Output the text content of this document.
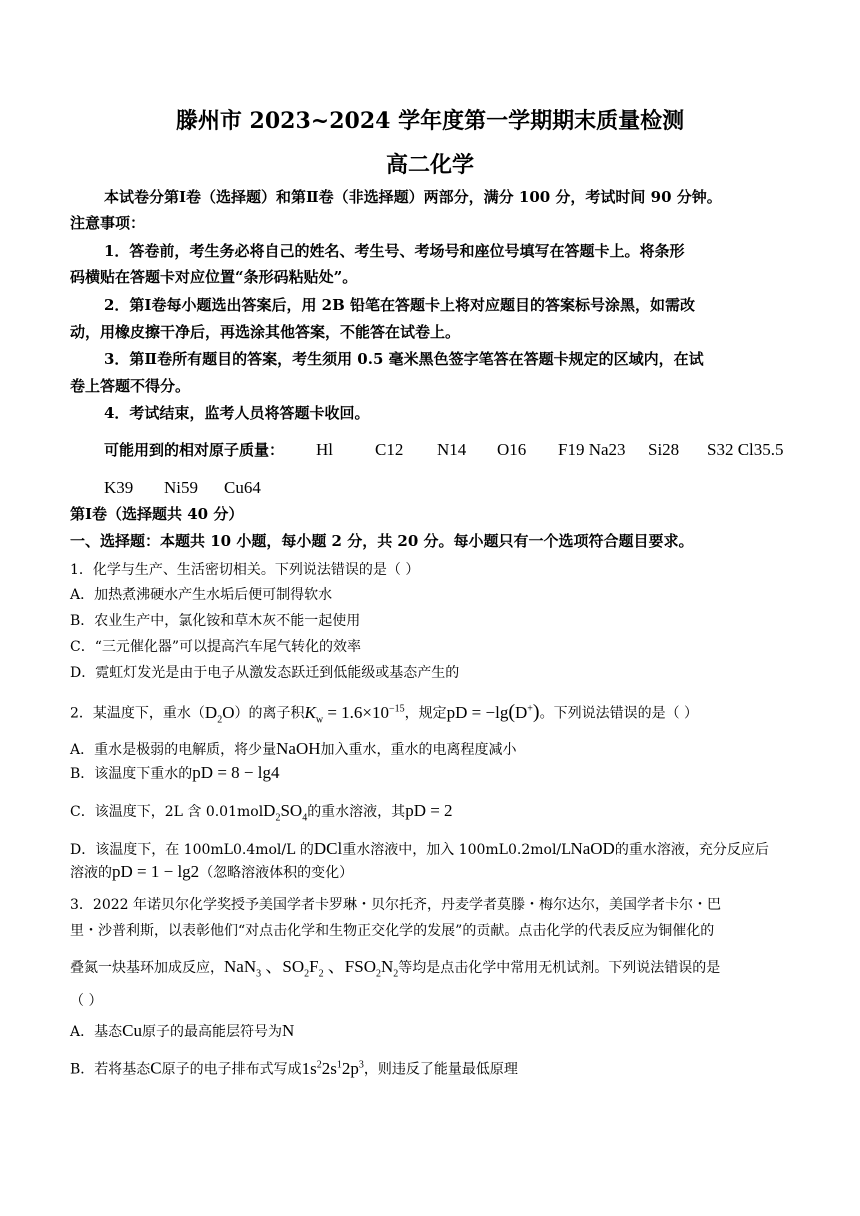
滕州市 2023~2024 学年度第一学期期末质量检测
高二化学
本试卷分第Ⅰ卷（选择题）和第Ⅱ卷（非选择题）两部分，满分 100 分，考试时间 90 分钟。
注意事项：
1．答卷前，考生务必将自己的姓名、考生号、考场号和座位号填写在答题卡上。将条形
码横贴在答题卡对应位置“条形码粘贴处”。
2．第Ⅰ卷每小题选出答案后，用 2B 铅笔在答题卡上将对应题目的答案标号涂黑，如需改
动，用橡皮擦干净后，再选涂其他答案，不能答在试卷上。
3．第Ⅱ卷所有题目的答案，考生须用 0.5 毫米黑色签字笔答在答题卡规定的区域内，在试
卷上答题不得分。
4．考试结束，监考人员将答题卡收回。
可能用到的相对原子质量： Hl C12 N14 O16 F19 Na23 Si28 S32 Cl35.5
K39 Ni59 Cu64
第Ⅰ卷（选择题共 40 分）
一、选择题：本题共 10 小题，每小题 2 分，共 20 分。每小题只有一个选项符合题目要求。
1．化学与生产、生活密切相关。下列说法错误的是（ ）
A．加热煮沸硬水产生水垢后便可制得软水
B．农业生产中，氯化铵和草木灰不能一起使用
C．“三元催化器”可以提高汽车尾气转化的效率
D．霓虹灯发光是由于电子从激发态跃迁到低能级或基态产生的
2．某温度下，重水$(D_2O)$的离子积$K_w = 1.6\times 10^{-15}$，规定pD = −lg(D+)。下列说法错误的是（ ）
A．重水是极弱的电解质，将少量NaOH加入重水，重水的电离程度减小
B．该温度下重水的pD = 8 − lg4
C．该温度下，2L 含 $0.01molD_2SO_4$的重水溶液，其pD = 2
D．该温度下，在 100mL0.4mol/L 的DCl重水溶液中，加入 100mL0.2mol/LNaOD的重水溶液，充分反应后
溶液的pD = 1 − lg2（忽略溶液体积的变化）
3．2022 年诺贝尔化学奖授予美国学者卡罗琳・贝尔托齐，丹麦学者莫滕・梅尔达尔，美国学者卡尔・巴
里・沙普利斯，以表彰他们“对点击化学和生物正交化学的发展”的贡献。点击化学的代表反应为铜催化的
叠氮一炔基环加成反应，NaN$_3$ 、$SO_2F_2$ 、$FSO_2N_2$等均是点击化学中常用无机试剂。下列说法错误的是
（ ）
A．基态Cu原子的最高能层符号为N
B．若将基态C原子的电子排布式写成$1s^22s^12p^3$，则违反了能量最低原理
